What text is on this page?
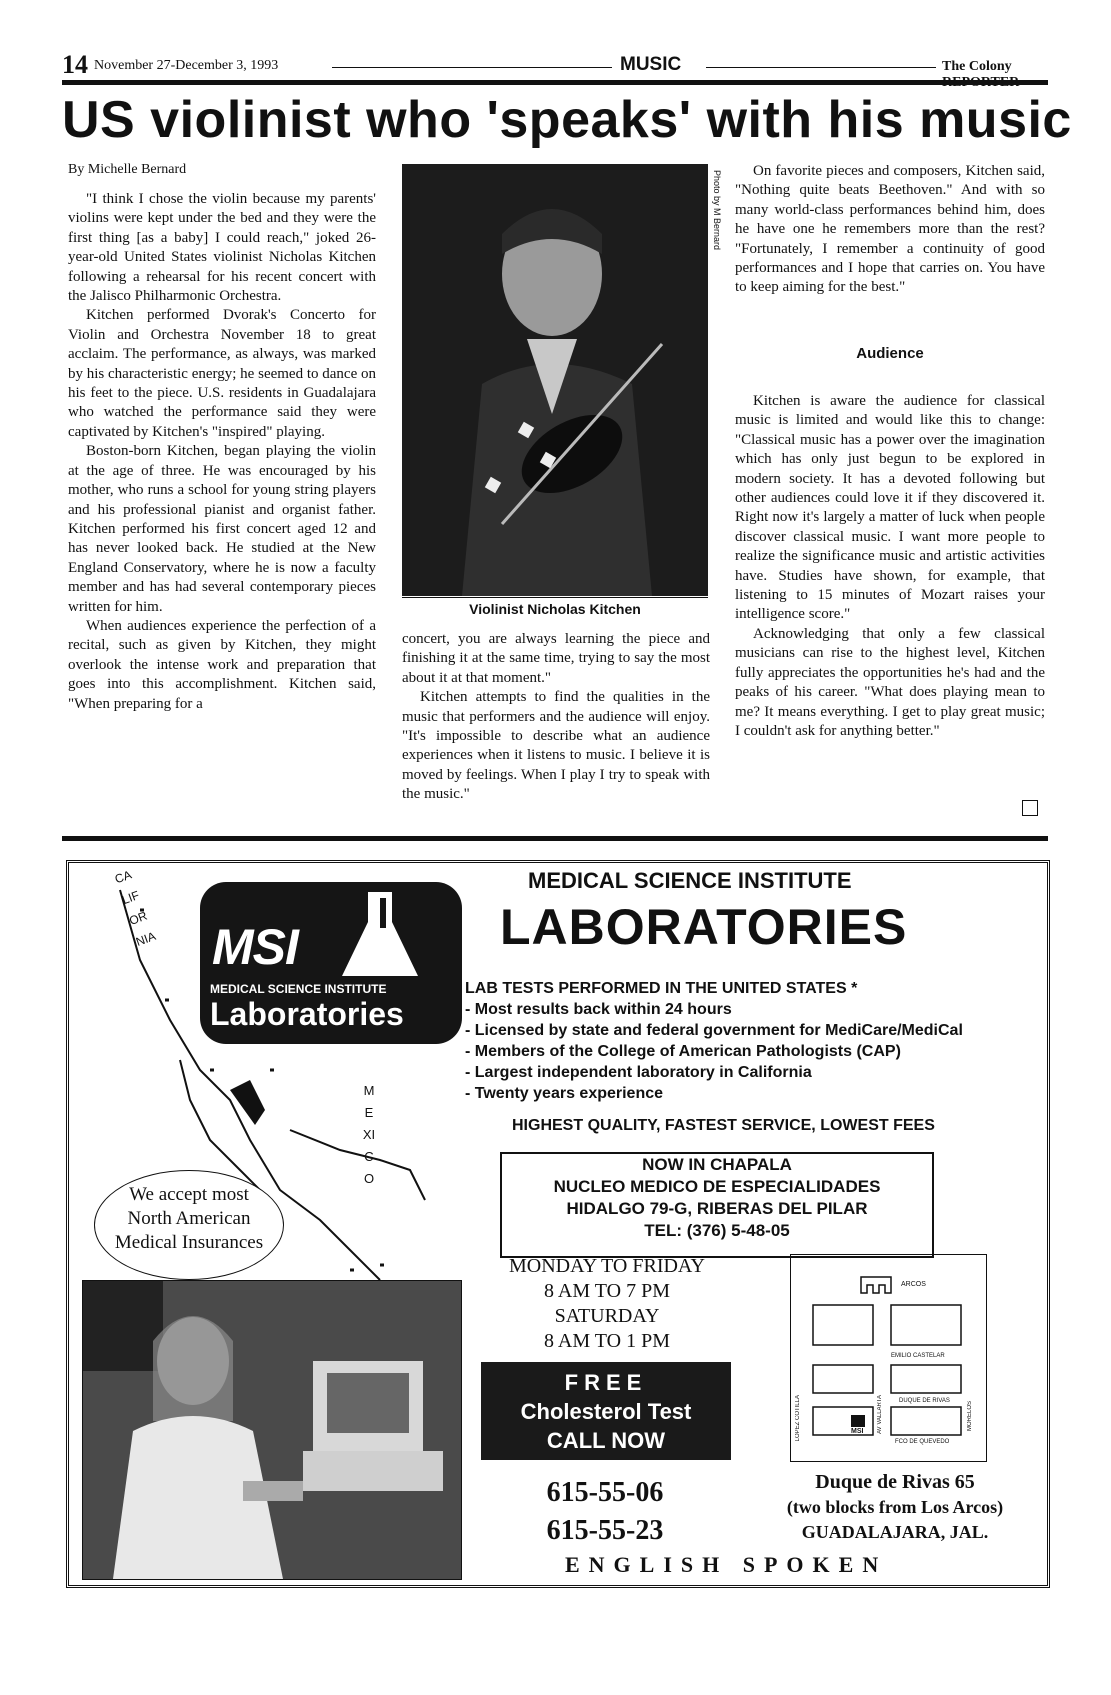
14 November 27-December 3, 1993	MUSIC	The Colony
US violinist who 'speaks' with his music
By Michelle Bernard

"I think I chose the violin because my parents' violins were kept under the bed and they were the first thing [as a baby] I could reach," joked 26-year-old United States violinist Nicholas Kitchen following a rehearsal for his recent concert with the Jalisco Philharmonic Orchestra.

Kitchen performed Dvorak's Concerto for Violin and Orchestra November 18 to great acclaim. The performance, as always, was marked by his characteristic energy; he seemed to dance on his feet to the piece. U.S. residents in Guadalajara who watched the performance said they were captivated by Kitchen's "inspired" playing.

Boston-born Kitchen, began playing the violin at the age of three. He was encouraged by his mother, who runs a school for young string players and his professional pianist and organist father. Kitchen performed his first concert aged 12 and has never looked back. He studied at the New England Conservatory, where he is now a faculty member and has had several contemporary pieces written for him.

When audiences experience the perfection of a recital, such as given by Kitchen, they might overlook the intense work and preparation that goes into this accomplishment. Kitchen said, "When preparing for a

Photo by M Bernard
Violinist Nicholas Kitchen

concert, you are always learning the piece and finishing it at the same time, trying to say the most about it at that moment."

Kitchen attempts to find the qualities in the music that performers and the audience will enjoy. "It's impossible to describe what an audience experiences when it listens to music. I believe it is moved by feelings. When I play I try to speak with the music."

On favorite pieces and composers, Kitchen said, "Nothing quite beats Beethoven." And with so many world-class performances behind him, does he have one he remembers more than the rest? "Fortunately, I remember a continuity of good performances and I hope that carries on. You have to keep aiming for the best."

Audience

Kitchen is aware the audience for classical music is limited and would like this to change: "Classical music has a power over the imagination which has only just begun to be explored in modern society. It has a devoted following but other audiences could love it if they discovered it. Right now it's largely a matter of luck when people discover classical music. I want more people to realize the significance music and artistic activities have. Studies have shown, for example, that listening to 15 minutes of Mozart raises your intelligence score."

Acknowledging that only a few classical musicians can rise to the highest level, Kitchen fully appreciates the opportunities he's had and the peaks of his career. "What does playing mean to me? It means everything. I get to play great music; I couldn't ask for anything better."

CALIFORNIA
MEXICO
MSI
MEDICAL SCIENCE INSTITUTE
Laboratories
MEDICAL SCIENCE INSTITUTE
LABORATORIES
LAB TESTS PERFORMED IN THE UNITED STATES *
- Most results back within 24 hours
- Licensed by state and federal government for MediCare/MediCal
- Members of the College of American Pathologists (CAP)
- Largest independent laboratory in California
- Twenty years experience
HIGHEST QUALITY, FASTEST SERVICE, LOWEST FEES
NOW IN CHAPALA
NUCLEO MEDICO DE ESPECIALIDADES
HIDALGO 79-G, RIBERAS DEL PILAR
TEL: (376) 5-48-05
We accept most
North American
Medical Insurances
MONDAY TO FRIDAY
8 AM TO 7 PM
SATURDAY
8 AM TO 1 PM
ARCOS
EMILIO CASTELAR
DUQUE DE RIVAS
FCO DE QUEVEDO
LOPEZ COTILLA	AV VALLARTA	MORELOS
MSI
FREE
Cholesterol Test
CALL NOW
615-55-06
615-55-23
Duque de Rivas 65
(two blocks from Los Arcos)
GUADALAJARA, JAL.
ENGLISH SPOKEN
